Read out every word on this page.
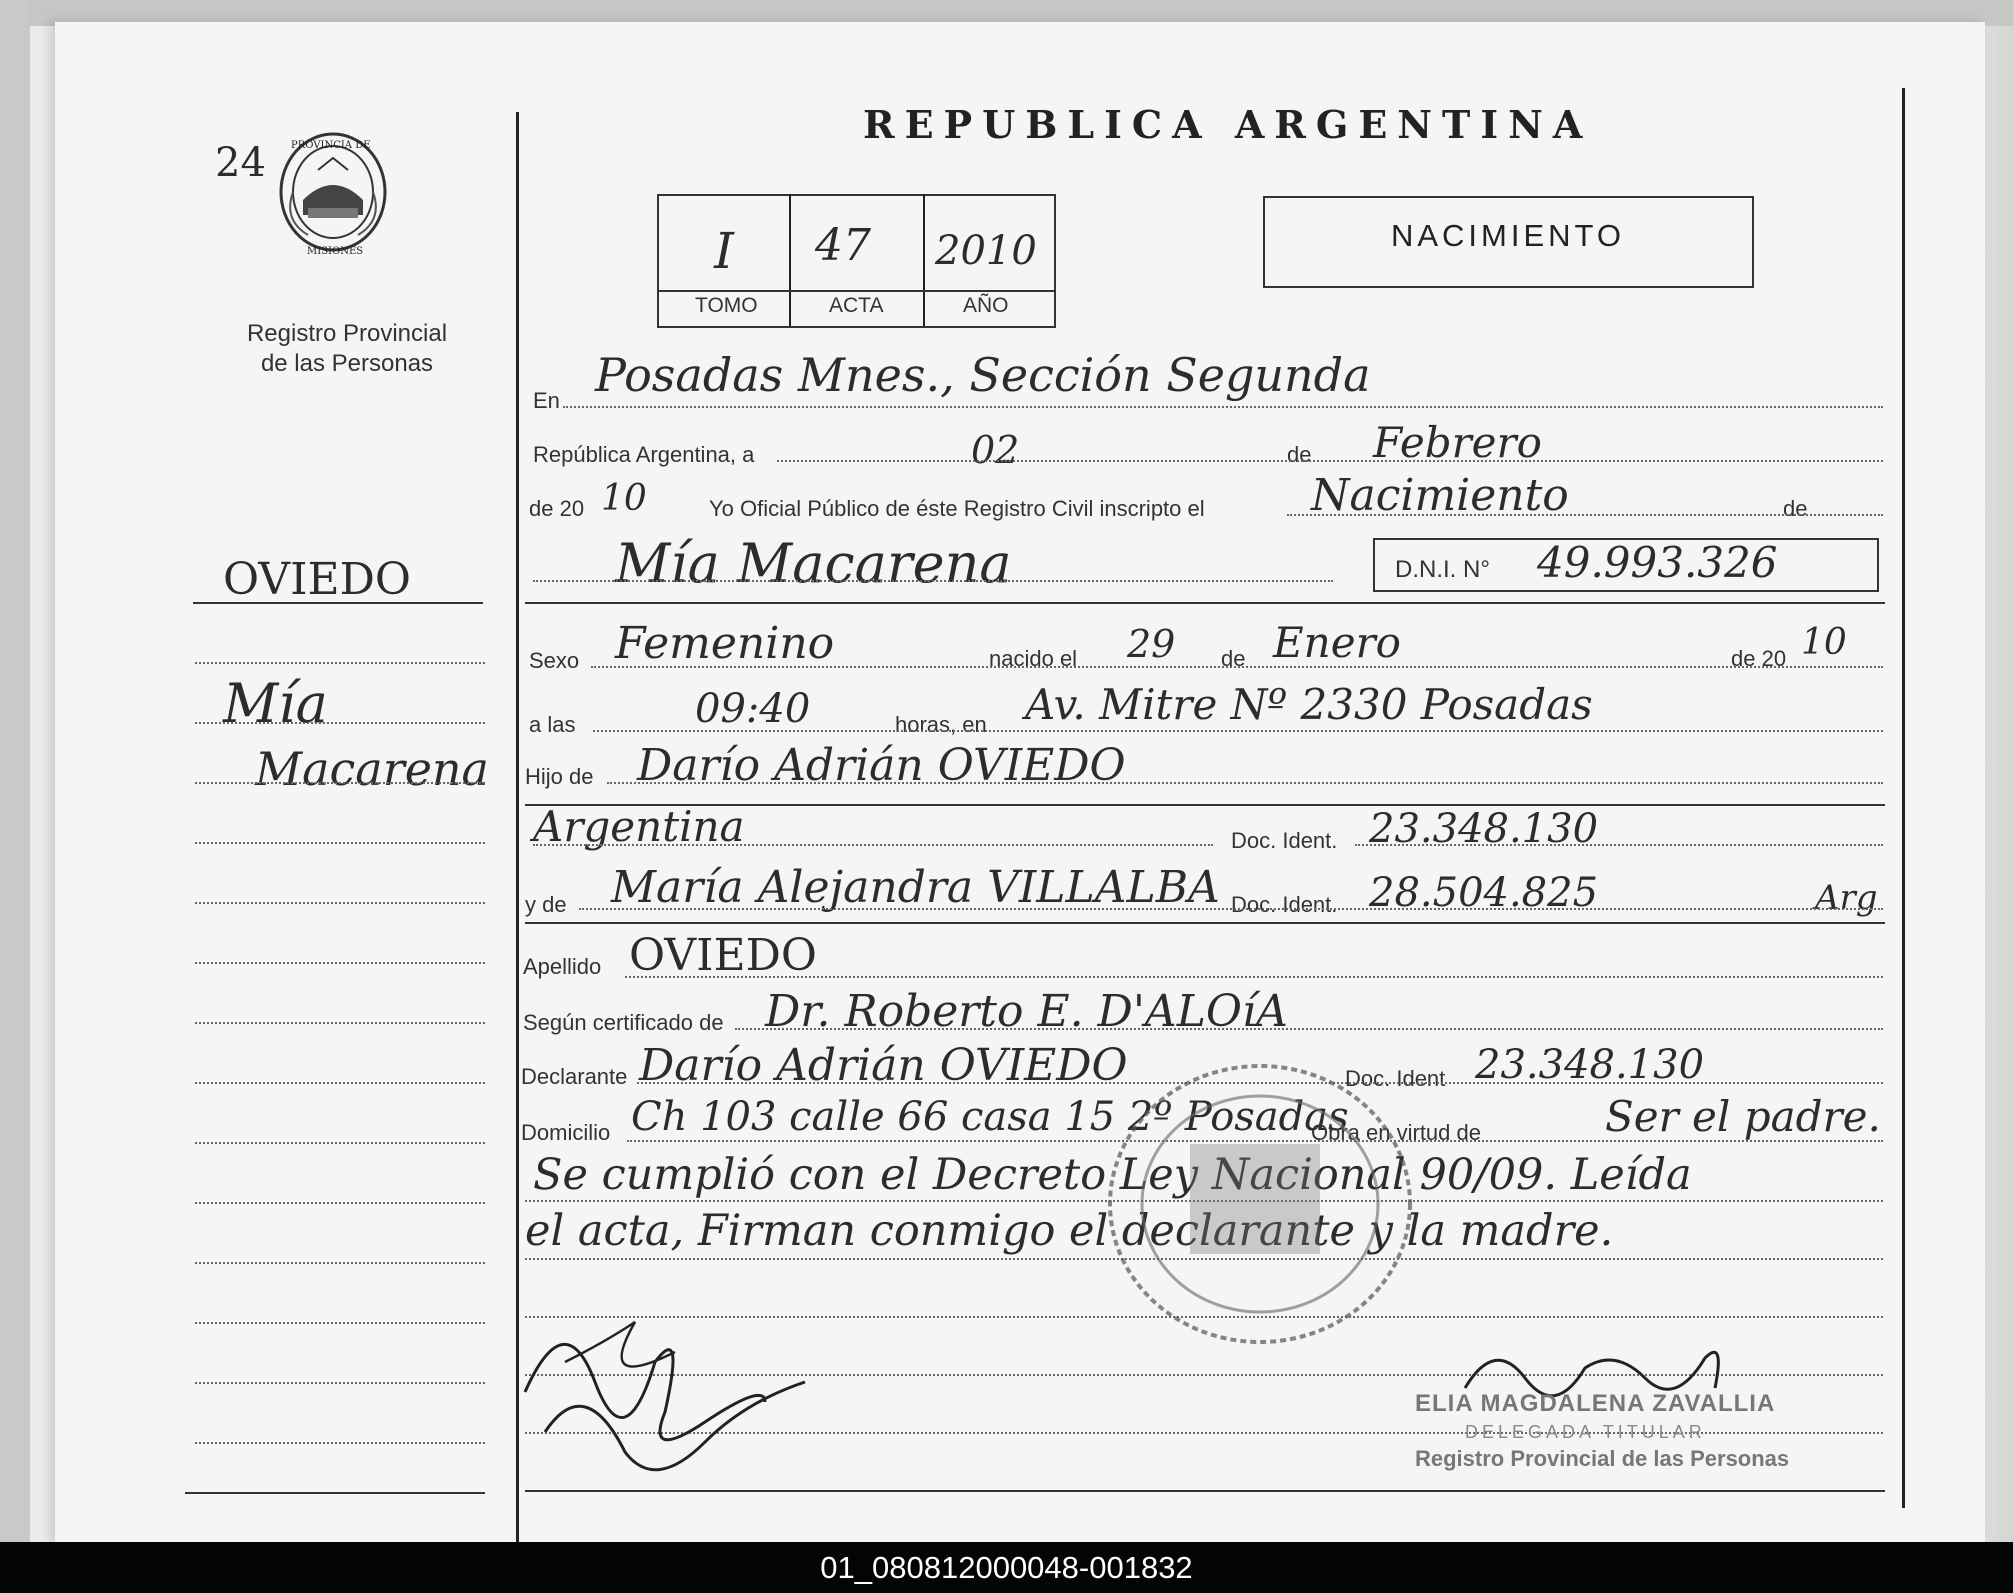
24	PROVINCIA DE
MISIONES
Registro Provincial
de las Personas
REPUBLICA ARGENTINA
I	47 2010
TOMO	ACTA	AÑO
NACIMIENTO
OVIEDO
Mía
Macarena
En Posadas Mnes., Sección Segunda
República Argentina, a	02	de Febrero
de 20 10	Yo Oficial Público de éste Registro Civil inscripto el Nacimiento	de
Mía Macarena	D.N.I. N° 49.993.326
Sexo Femenino	nacido el 29 de Enero	de 20 10
a las	09:40	horas, en Av. Mitre Nº 2330 Posadas
Hijo de Darío Adrián OVIEDO
Argentina	Doc. Ident. 23.348.130
y de María Alejandra VILLALBA Doc. Ident. 28.504.825	Arg
Apellido OVIEDO
Según certificado de Dr. Roberto E. D'ALOíA
Declarante Darío Adrián OVIEDO	Doc. Ident 23.348.130
Domicilio Ch 103 calle 66 casa 15 2º Posadas
Obra en virtud de	Ser el padre.
Se cumplió con el Decreto Ley Nacional 90/09. Leída
el acta, Firman conmigo el declarante y la madre.
ELIA MAGDALENA ZAVALLIA
DELEGADA TITULAR
Registro Provincial de las Personas
01_080812000048-001832
